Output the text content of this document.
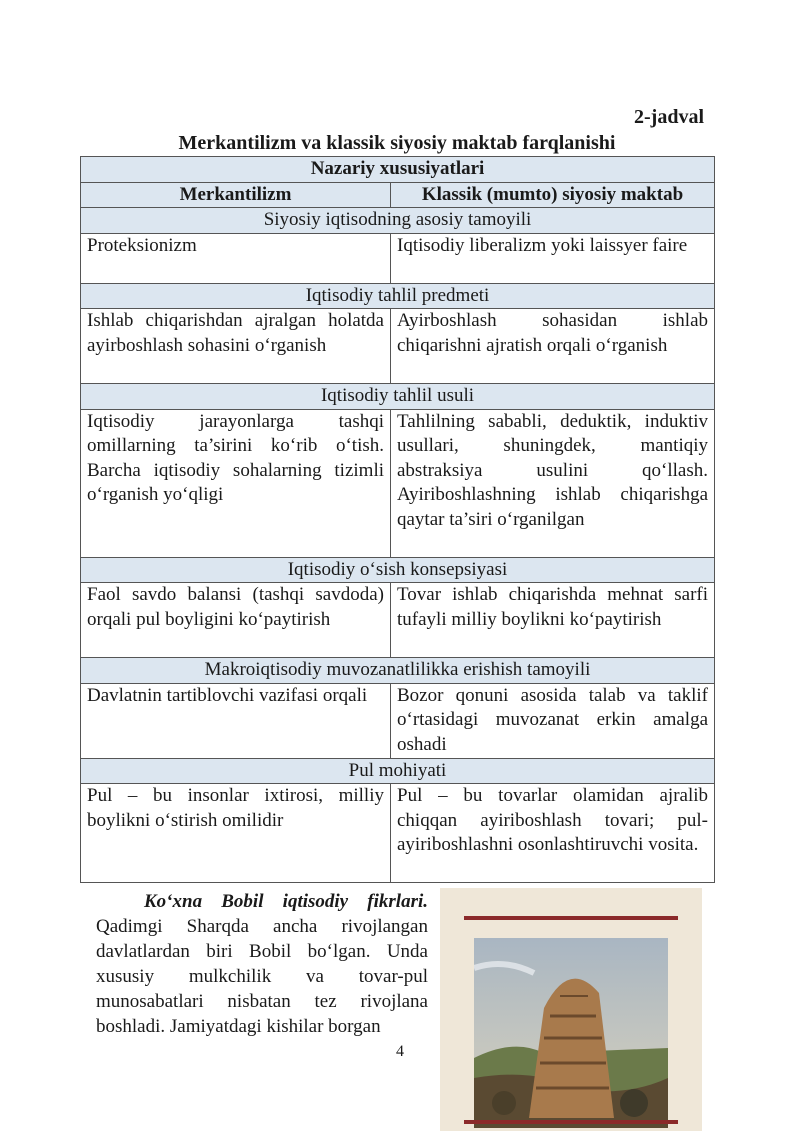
2-jadval
Merkantilizm va klassik siyosiy maktab farqlanishi
Nazariy xususiyatlari	
Merkantilizm	Klassik (mumto) siyosiy maktab
Siyosiy iqtisodning asosiy tamoyili	
Proteksionizm	Iqtisodiy liberalizm yoki laissyer faire
Iqtisodiy tahlil predmeti	
Ishlab chiqarishdan ajralgan holatda ayirboshlash sohasini o‘rganish	Ayirboshlash sohasidan ishlab chiqarishni ajratish orqali o‘rganish
Iqtisodiy tahlil usuli	
Iqtisodiy jarayonlarga tashqi omillarning ta’sirini ko‘rib o‘tish. Barcha iqtisodiy sohalarning tizimli o‘rganish yo‘qligi	Tahlilning sababli, deduktik, induktiv usullari, shuningdek, mantiqiy abstraksiya usulini qo‘llash. Ayiriboshlashning ishlab chiqarishga qaytar ta’siri o‘rganilgan
Iqtisodiy o‘sish konsepsiyasi	
Faol savdo balansi (tashqi savdoda) orqali pul boyligini ko‘paytirish	Tovar ishlab chiqarishda mehnat sarfi tufayli milliy boylikni ko‘paytirish
Makroiqtisodiy muvozanatlilikka erishish tamoyili	
Davlatnin tartiblovchi vazifasi orqali	Bozor qonuni asosida talab va taklif o‘rtasidagi muvozanat erkin amalga oshadi
Pul mohiyati	
Pul – bu insonlar ixtirosi, milliy boylikni o‘stirish omilidir	Pul – bu tovarlar olamidan ajralib chiqqan ayiriboshlash tovari; pul-ayiriboshlashni osonlashtiruvchi vosita.
Ko‘xna Bobil iqtisodiy fikrlari. Qadimgi Sharqda ancha rivojlangan davlatlardan biri Bobil bo‘lgan. Unda xususiy mulkchilik va tovar-pul munosabatlari nisbatan tez rivojlana boshladi. Jamiyatdagi kishilar borgan
4
